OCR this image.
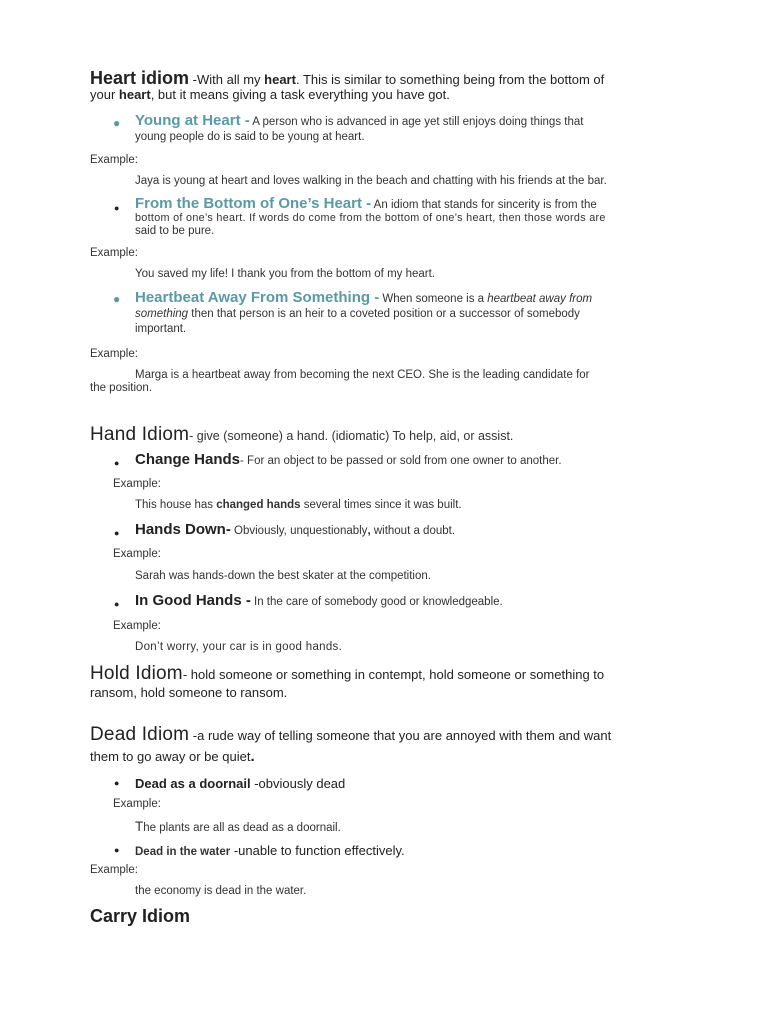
Heart idiom -With all my heart. This is similar to something being from the bottom of
your heart, but it means giving a task everything you have got.
● Young at Heart - A person who is advanced in age yet still enjoys doing things that
young people do is said to be young at heart.
Example:
Jaya is young at heart and loves walking in the beach and chatting with his friends at the bar.
● From the Bottom of One’s Heart - An idiom that stands for sincerity is from the
bottom of one’s heart. If words do come from the bottom of one’s heart, then those words are
said to be pure.
Example:
You saved my life! I thank you from the bottom of my heart.
● Heartbeat Away From Something - When someone is a heartbeat away from
something then that person is an heir to a coveted position or a successor of somebody
important.
Example:
Marga is a heartbeat away from becoming the next CEO. She is the leading candidate for
the position.
Hand Idiom- give (someone) a hand. (idiomatic) To help, aid, or assist.
● Change Hands- For an object to be passed or sold from one owner to another.
Example:
This house has changed hands several times since it was built.
● Hands Down- Obviously, unquestionably, without a doubt.
Example:
Sarah was hands-down the best skater at the competition.
● In Good Hands - In the care of somebody good or knowledgeable.
Example:
Don’t worry, your car is in good hands.
Hold Idiom- hold someone or something in contempt, hold someone or something to
ransom, hold someone to ransom.
Dead Idiom -a rude way of telling someone that you are annoyed with them and want
them to go away or be quiet.
● Dead as a doornail -obviously dead
Example:
The plants are all as dead as a doornail.
● Dead in the water -unable to function effectively.
Example:
the economy is dead in the water.
Carry Idiom
